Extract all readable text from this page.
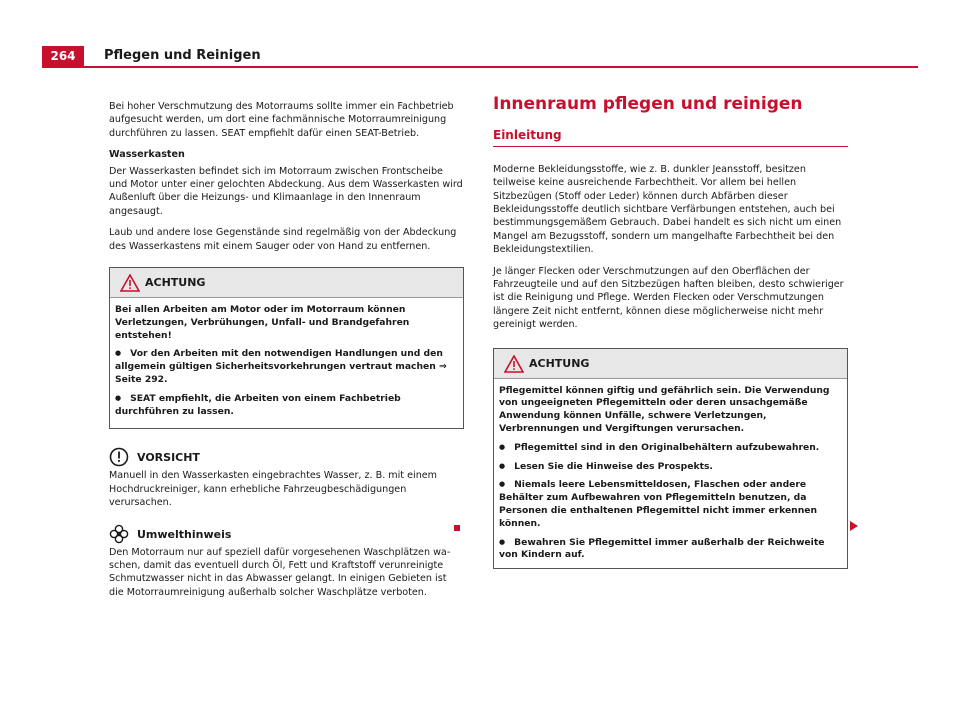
264	Pflegen und Reinigen

Bei hoher Verschmutzung des Motorraums sollte immer ein Fachbetrieb aufgesucht werden, um dort eine fachmännische Motorraumreinigung durchführen zu lassen. SEAT empfiehlt dafür einen SEAT-Betrieb.

Wasserkasten

Der Wasserkasten befindet sich im Motorraum zwischen Frontscheibe und Motor unter einer gelochten Abdeckung. Aus dem Wasserkasten wird Außenluft über die Heizungs- und Klimaanlage in den Innenraum angesaugt.

Laub und andere lose Gegenstände sind regelmäßig von der Abdeckung des Wasserkastens mit einem Sauger oder von Hand zu entfernen.

ACHTUNG

Bei allen Arbeiten am Motor oder im Motorraum können Verletzungen, Verbrühungen, Unfall- und Brandgefahren entstehen!

● Vor den Arbeiten mit den notwendigen Handlungen und den allgemein gültigen Sicherheitsvorkehrungen vertraut machen ⇒ Seite 292.

● SEAT empfiehlt, die Arbeiten von einem Fachbetrieb durchführen zu lassen.

VORSICHT

Manuell in den Wasserkasten eingebrachtes Wasser, z. B. mit einem Hochdruckreiniger, kann erhebliche Fahrzeugbeschädigungen verursachen.

Umwelthinweis

Den Motorraum nur auf speziell dafür vorgesehenen Waschplätzen waschen, damit das eventuell durch Öl, Fett und Kraftstoff verunreinigte Schmutzwasser nicht in das Abwasser gelangt. In einigen Gebieten ist die Motorraumreinigung außerhalb solcher Waschplätze verboten.

Innenraum pflegen und reinigen
Einleitung

Moderne Bekleidungsstoffe, wie z. B. dunkler Jeansstoff, besitzen teilweise keine ausreichende Farbechtheit. Vor allem bei hellen Sitzbezügen (Stoff oder Leder) können durch Abfärben dieser Bekleidungsstoffe deutlich sichtbare Verfärbungen entstehen, auch bei bestimmungsgemäßem Gebrauch. Dabei handelt es sich nicht um einen Mangel am Bezugsstoff, sondern um mangelhafte Farbechtheit bei den Bekleidungstextilien.

Je länger Flecken oder Verschmutzungen auf den Oberflächen der Fahrzeugteile und auf den Sitzbezügen haften bleiben, desto schwieriger ist die Reinigung und Pflege. Werden Flecken oder Verschmutzungen längere Zeit nicht entfernt, können diese möglicherweise nicht mehr gereinigt werden.

ACHTUNG

Pflegemittel können giftig und gefährlich sein. Die Verwendung von ungeeigneten Pflegemitteln oder deren unsachgemäße Anwendung können Unfälle, schwere Verletzungen, Verbrennungen und Vergiftungen verursachen.

● Pflegemittel sind in den Originalbehältern aufzubewahren.

● Lesen Sie die Hinweise des Prospekts.

● Niemals leere Lebensmitteldosen, Flaschen oder andere Behälter zum Aufbewahren von Pflegemitteln benutzen, da Personen die enthaltenen Pflegemittel nicht immer erkennen können.

● Bewahren Sie Pflegemittel immer außerhalb der Reichweite von Kindern auf.
